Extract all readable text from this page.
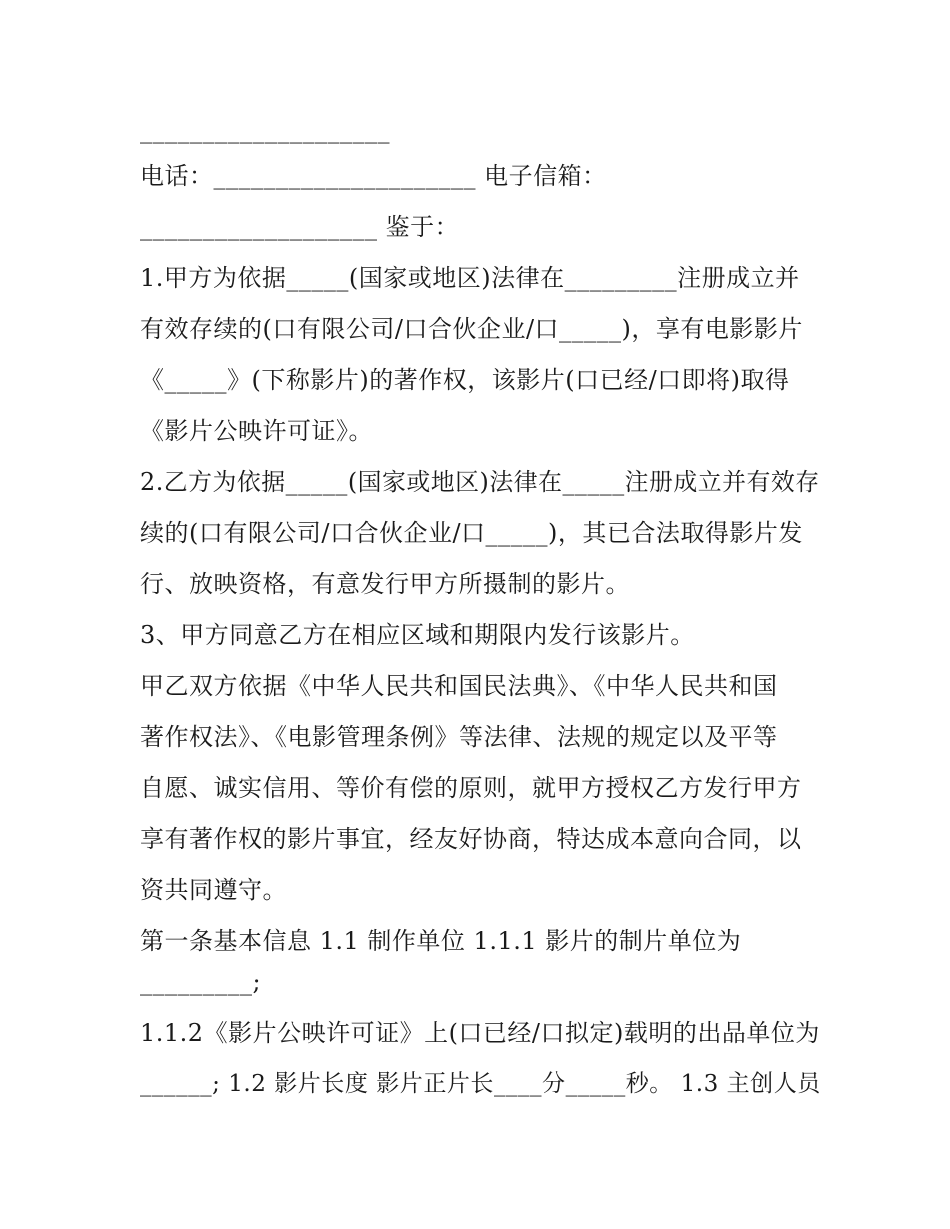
____________________
电话：_____________________ 电子信箱：
___________________ 鉴于：
1.甲方为依据_____(国家或地区)法律在_________注册成立并
有效存续的(口有限公司/口合伙企业/口_____)，享有电影影片
《_____》(下称影片)的著作权，该影片(口已经/口即将)取得
《影片公映许可证》。
2.乙方为依据_____(国家或地区)法律在_____注册成立并有效存
续的(口有限公司/口合伙企业/口_____)，其已合法取得影片发
行、放映资格，有意发行甲方所摄制的影片。
3、甲方同意乙方在相应区域和期限内发行该影片。
甲乙双方依据《中华人民共和国民法典》、《中华人民共和国
著作权法》、《电影管理条例》等法律、法规的规定以及平等
自愿、诚实信用、等价有偿的原则，就甲方授权乙方发行甲方
享有著作权的影片事宜，经友好协商，特达成本意向合同，以
资共同遵守。
第一条基本信息 1.1 制作单位 1.1.1 影片的制片单位为
_________;
1.1.2《影片公映许可证》上(口已经/口拟定)载明的出品单位为
______; 1.2 影片长度 影片正片长____分_____秒。 1.3 主创人员
